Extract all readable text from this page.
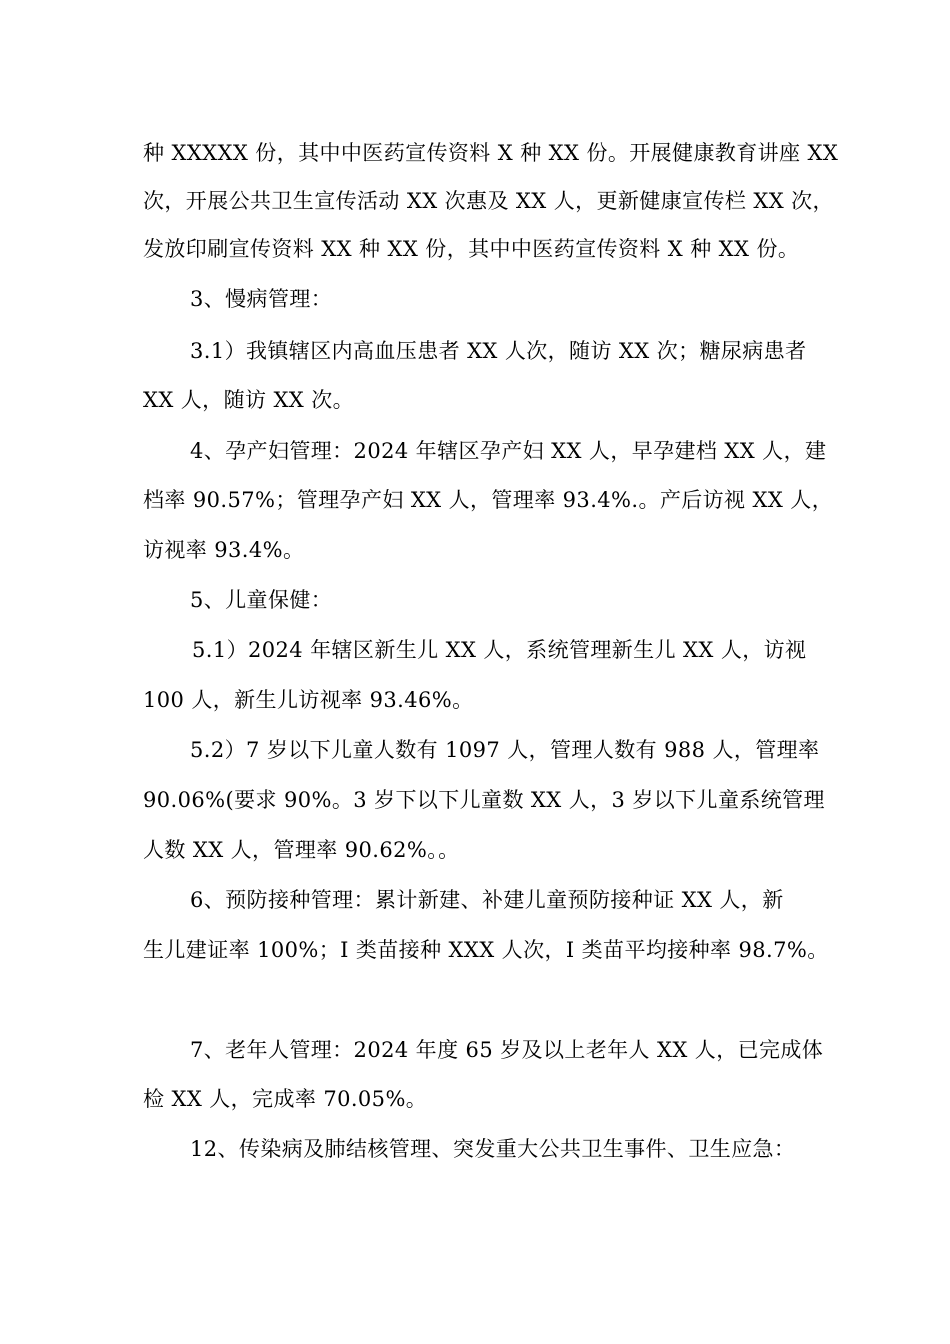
种 XXXXX 份，其中中医药宣传资料 X 种 XX 份。开展健康教育讲座 XX
次，开展公共卫生宣传活动 XX 次惠及 XX 人，更新健康宣传栏 XX 次，
发放印刷宣传资料 XX 种 XX 份，其中中医药宣传资料 X 种 XX 份。
3、慢病管理：
3.1）我镇辖区内高血压患者 XX 人次，随访 XX 次；糖尿病患者
XX 人，随访 XX 次。
4、孕产妇管理：2024 年辖区孕产妇 XX 人，早孕建档 XX 人，建
档率 90.57%；管理孕产妇 XX 人，管理率 93.4%.。产后访视 XX 人，
访视率 93.4%。
5、儿童保健：
5.1）2024 年辖区新生儿 XX 人，系统管理新生儿 XX 人，访视
100 人，新生儿访视率 93.46%。
5.2）7 岁以下儿童人数有 1097 人，管理人数有 988 人，管理率
90.06%(要求 90%。3 岁下以下儿童数 XX 人，3 岁以下儿童系统管理
人数 XX 人，管理率 90.62%。。
6、预防接种管理：累计新建、补建儿童预防接种证 XX 人，新
生儿建证率 100%；I 类苗接种 XXX 人次，I 类苗平均接种率 98.7%。
7、老年人管理：2024 年度 65 岁及以上老年人 XX 人，已完成体
检 XX 人，完成率 70.05%。
12、传染病及肺结核管理、突发重大公共卫生事件、卫生应急：
